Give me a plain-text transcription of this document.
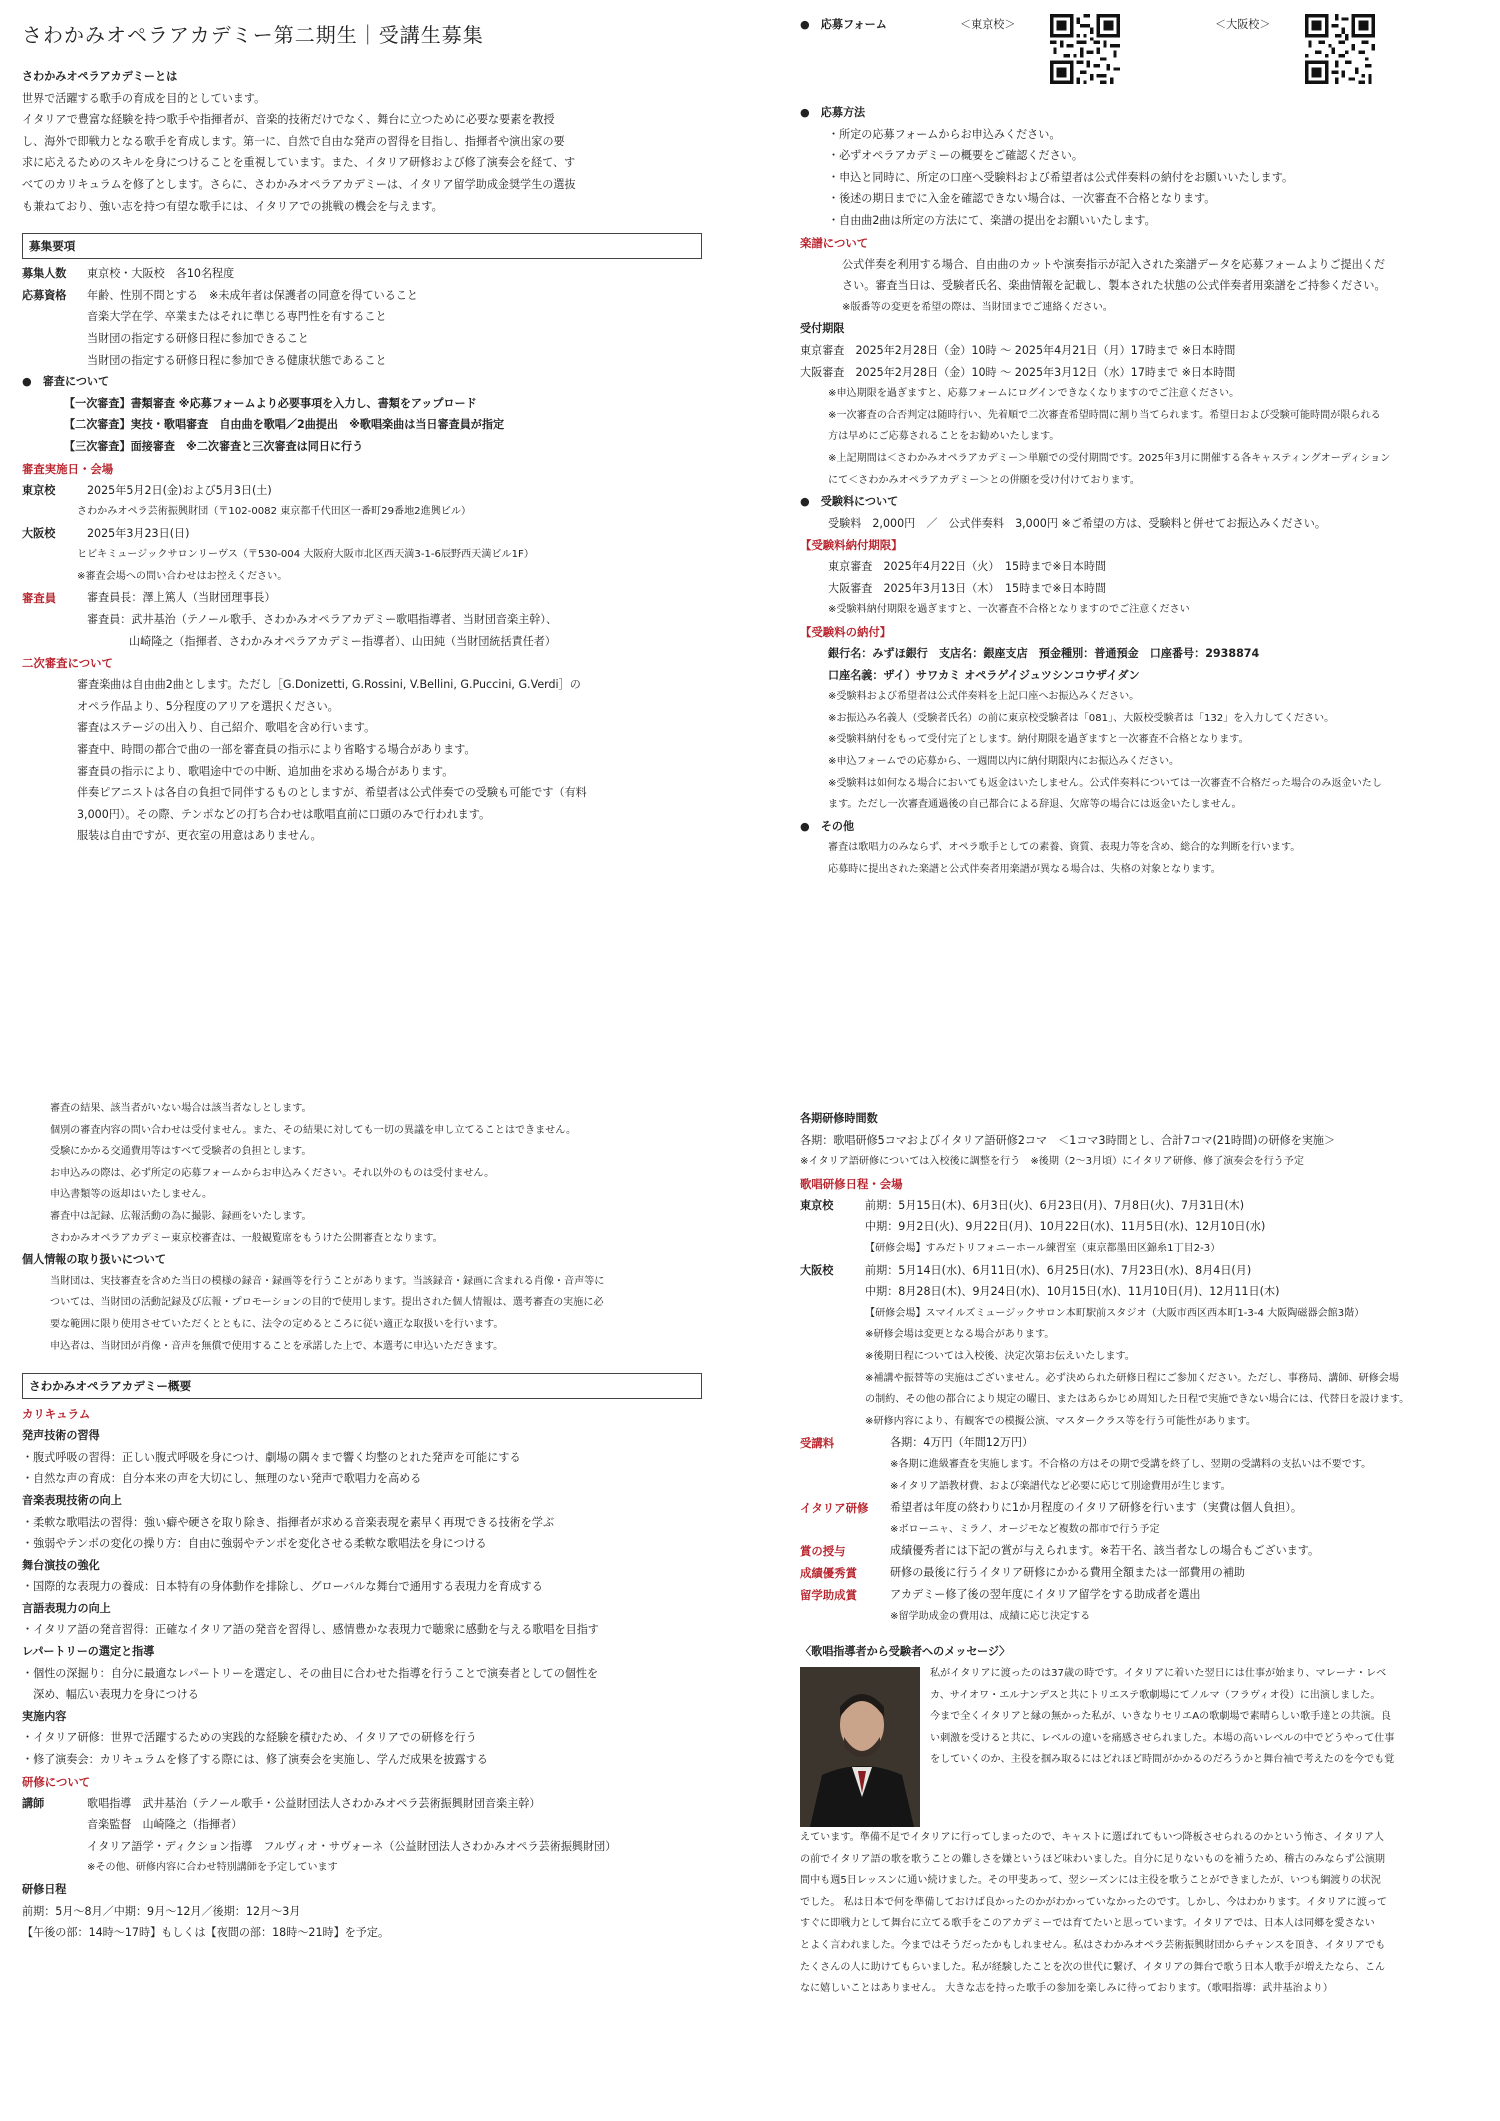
さわかみオペラアカデミー第二期生｜受講生募集

さわかみオペラアカデミーとは

世界で活躍する歌手の育成を目的としています。

イタリアで豊富な経験を持つ歌手や指揮者が、音楽的技術だけでなく、舞台に立つために必要な要素を教授

し、海外で即戦力となる歌手を育成します。第一に、自然で自由な発声の習得を目指し、指揮者や演出家の要

求に応えるためのスキルを身につけることを重視しています。また、イタリア研修および修了演奏会を経て、す

べてのカリキュラムを修了とします。さらに、さわかみオペラアカデミーは、イタリア留学助成金奨学生の選抜

も兼ねており、強い志を持つ有望な歌手には、イタリアでの挑戦の機会を与えます。

募集要項
募集人数	東京校・大阪校　各10名程度
応募資格	年齢、性別不問とする　※未成年者は保護者の同意を得ていること

音楽大学在学、卒業またはそれに準じる専門性を有すること

当財団の指定する研修日程に参加できること

当財団の指定する研修日程に参加できる健康状態であること

●　審査について

【一次審査】書類審査 ※応募フォームより必要事項を入力し、書類をアップロード

【二次審査】実技・歌唱審査　自由曲を歌唱／2曲提出　※歌唱楽曲は当日審査員が指定

【三次審査】面接審査　※二次審査と三次審査は同日に行う

審査実施日・会場

東京校	2025年5月2日(金)および5月3日(土)

さわかみオペラ芸術振興財団（〒102-0082 東京都千代田区一番町29番地2進興ビル）

大阪校	2025年3月23日(日)

ヒビキミュージックサロンリーヴス（〒530-004 大阪府大阪市北区西天満3-1-6辰野西天満ビル1F）

※審査会場への問い合わせはお控えください。

審査員	審査員長：澤上篤人（当財団理事長）

審査員：武井基治（テノール歌手、さわかみオペラアカデミー歌唱指導者、当財団音楽主幹）、

山崎隆之（指揮者、さわかみオペラアカデミー指導者）、山田純（当財団統括責任者）

二次審査について

審査楽曲は自由曲2曲とします。ただし［G.Donizetti, G.Rossini, V.Bellini, G.Puccini, G.Verdi］の

オペラ作品より、5分程度のアリアを選択ください。

審査はステージの出入り、自己紹介、歌唱を含め行います。

審査中、時間の都合で曲の一部を審査員の指示により省略する場合があります。

審査員の指示により、歌唱途中での中断、追加曲を求める場合があります。

伴奏ピアニストは各自の負担で同伴するものとしますが、希望者は公式伴奏での受験も可能です（有料

3,000円）。その際、テンポなどの打ち合わせは歌唱直前に口頭のみで行われます。

服装は自由ですが、更衣室の用意はありません。

●　応募フォーム	＜東京校＞	＜大阪校＞

●　応募方法

・所定の応募フォームからお申込みください。

・必ずオペラアカデミーの概要をご確認ください。

・申込と同時に、所定の口座へ受験料および希望者は公式伴奏料の納付をお願いいたします。

・後述の期日までに入金を確認できない場合は、一次審査不合格となります。

・自由曲2曲は所定の方法にて、楽譜の提出をお願いいたします。

楽譜について

公式伴奏を利用する場合、自由曲のカットや演奏指示が記入された楽譜データを応募フォームよりご提出くだ

さい。審査当日は、受験者氏名、楽曲情報を記載し、製本された状態の公式伴奏者用楽譜をご持参ください。

※版番等の変更を希望の際は、当財団までご連絡ください。

受付期限

東京審査　2025年2月28日（金）10時 ～ 2025年4月21日（月）17時まで ※日本時間

大阪審査　2025年2月28日（金）10時 ～ 2025年3月12日（水）17時まで ※日本時間

※申込期限を過ぎますと、応募フォームにログインできなくなりますのでご注意ください。

※一次審査の合否判定は随時行い、先着順で二次審査希望時間に割り当てられます。希望日および受験可能時間が限られる

方は早めにご応募されることをお勧めいたします。

※上記期間は＜さわかみオペラアカデミー＞単願での受付期間です。2025年3月に開催する各キャスティングオーディション

にて＜さわかみオペラアカデミー＞との併願を受け付けております。

●　受験料について

受験料　2,000円　／　公式伴奏料　3,000円 ※ご希望の方は、受験料と併せてお振込みください。

【受験料納付期限】

東京審査　2025年4月22日（火）　15時まで※日本時間

大阪審査　2025年3月13日（木）　15時まで※日本時間

※受験料納付期限を過ぎますと、一次審査不合格となりますのでご注意ください

【受験料の納付】

銀行名：みずほ銀行　支店名：銀座支店　預金種別：普通預金　口座番号：2938874

口座名義：ザイ）サワカミ オペラゲイジュツシンコウザイダン

※受験料および希望者は公式伴奏料を上記口座へお振込みください。

※お振込み名義人（受験者氏名）の前に東京校受験者は「081」、大阪校受験者は「132」を入力してください。

※受験料納付をもって受付完了とします。納付期限を過ぎますと一次審査不合格となります。

※申込フォームでの応募から、一週間以内に納付期限内にお振込みください。

※受験料は如何なる場合においても返金はいたしません。公式伴奏料については一次審査不合格だった場合のみ返金いたし

ます。ただし一次審査通過後の自己都合による辞退、欠席等の場合には返金いたしません。

●　その他

審査は歌唱力のみならず、オペラ歌手としての素養、資質、表現力等を含め、総合的な判断を行います。

応募時に提出された楽譜と公式伴奏者用楽譜が異なる場合は、失格の対象となります。

審査の結果、該当者がいない場合は該当者なしとします。

個別の審査内容の問い合わせは受付ません。また、その結果に対しても一切の異議を申し立てることはできません。

受験にかかる交通費用等はすべて受験者の負担とします。

お申込みの際は、必ず所定の応募フォームからお申込みください。それ以外のものは受付ません。

申込書類等の返却はいたしません。

審査中は記録、広報活動の為に撮影、録画をいたします。

さわかみオペラアカデミー東京校審査は、一般観覧席をもうけた公開審査となります。

個人情報の取り扱いについて

当財団は、実技審査を含めた当日の模様の録音・録画等を行うことがあります。当該録音・録画に含まれる肖像・音声等に

ついては、当財団の活動記録及び広報・プロモーションの目的で使用します。提出された個人情報は、選考審査の実施に必

要な範囲に限り使用させていただくとともに、法令の定めるところに従い適正な取扱いを行います。

申込者は、当財団が肖像・音声を無償で使用することを承諾した上で、本選考に申込いただきます。

さわかみオペラアカデミー概要

カリキュラム

発声技術の習得

・腹式呼吸の習得：正しい腹式呼吸を身につけ、劇場の隅々まで響く均整のとれた発声を可能にする

・自然な声の育成：自分本来の声を大切にし、無理のない発声で歌唱力を高める

音楽表現技術の向上

・柔軟な歌唱法の習得：強い癖や硬さを取り除き、指揮者が求める音楽表現を素早く再現できる技術を学ぶ

・強弱やテンポの変化の操り方：自由に強弱やテンポを変化させる柔軟な歌唱法を身につける

舞台演技の強化

・国際的な表現力の養成：日本特有の身体動作を排除し、グローバルな舞台で通用する表現力を育成する

言語表現力の向上

・イタリア語の発音習得：正確なイタリア語の発音を習得し、感情豊かな表現力で聴衆に感動を与える歌唱を目指す

レパートリーの選定と指導

・個性の深掘り：自分に最適なレパートリーを選定し、その曲目に合わせた指導を行うことで演奏者としての個性を

　深め、幅広い表現力を身につける

実施内容

・イタリア研修：世界で活躍するための実践的な経験を積むため、イタリアでの研修を行う

・修了演奏会：カリキュラムを修了する際には、修了演奏会を実施し、学んだ成果を披露する

研修について

講師	歌唱指導　武井基治（テノール歌手・公益財団法人さわかみオペラ芸術振興財団音楽主幹）

音楽監督　山崎隆之（指揮者）

イタリア語学・ディクション指導　フルヴィオ・サヴォーネ（公益財団法人さわかみオペラ芸術振興財団）

※その他、研修内容に合わせ特別講師を予定しています

研修日程

前期：5月～8月／中期：9月～12月／後期：12月～3月

【午後の部：14時～17時】もしくは【夜間の部：18時～21時】を予定。

各期研修時間数

各期：歌唱研修5コマおよびイタリア語研修2コマ　＜1コマ3時間とし、合計7コマ(21時間)の研修を実施＞

※イタリア語研修については入校後に調整を行う　※後期（2～3月頃）にイタリア研修、修了演奏会を行う予定

歌唱研修日程・会場

東京校	前期：5月15日(木)、6月3日(火)、6月23日(月)、7月8日(火)、7月31日(木)

中期：9月2日(火)、9月22日(月)、10月22日(水)、11月5日(水)、12月10日(水)

【研修会場】すみだトリフォニーホール練習室（東京都墨田区錦糸1丁目2-3）

大阪校	前期：5月14日(水)、6月11日(水)、6月25日(水)、7月23日(水)、8月4日(月)

中期：8月28日(木)、9月24日(水)、10月15日(水)、11月10日(月)、12月11日(木)

【研修会場】スマイルズミュージックサロン本町駅前スタジオ（大阪市西区西本町1-3-4 大阪陶磁器会館3階）

※研修会場は変更となる場合があります。

※後期日程については入校後、決定次第お伝えいたします。

※補講や振替等の実施はございません。必ず決められた研修日程にご参加ください。ただし、事務局、講師、研修会場

の制約、その他の都合により規定の曜日、またはあらかじめ周知した日程で実施できない場合には、代替日を設けます。

※研修内容により、有観客での模擬公演、マスタークラス等を行う可能性があります。

受講料	各期：4万円（年間12万円）

※各期に進級審査を実施します。不合格の方はその期で受講を終了し、翌期の受講料の支払いは不要です。

※イタリア語教材費、および楽譜代など必要に応じて別途費用が生じます。

イタリア研修	希望者は年度の終わりに1か月程度のイタリア研修を行います（実費は個人負担）。

※ボローニャ、ミラノ、オージモなど複数の都市で行う予定

賞の授与	成績優秀者には下記の賞が与えられます。※若干名、該当者なしの場合もございます。

成績優秀賞	研修の最後に行うイタリア研修にかかる費用全額または一部費用の補助

留学助成賞	アカデミー修了後の翌年度にイタリア留学をする助成者を選出

※留学助成金の費用は、成績に応じ決定する

〈歌唱指導者から受験者へのメッセージ〉

私がイタリアに渡ったのは37歳の時です。イタリアに着いた翌日には仕事が始まり、マレーナ・レベ

カ、サイオワ・エルナンデスと共にトリエステ歌劇場にてノルマ（フラヴィオ役）に出演しました。

今まで全くイタリアと縁の無かった私が、いきなりセリエAの歌劇場で素晴らしい歌手達との共演。良

い刺激を受けると共に、レベルの違いを痛感させられました。本場の高いレベルの中でどうやって仕事

をしていくのか、主役を掴み取るにはどれほど時間がかかるのだろうかと舞台袖で考えたのを今でも覚

えています。準備不足でイタリアに行ってしまったので、キャストに選ばれてもいつ降板させられるのかという怖さ、イタリア人

の前でイタリア語の歌を歌うことの難しさを嫌というほど味わいました。自分に足りないものを補うため、稽古のみならず公演期

間中も週5日レッスンに通い続けました。その甲斐あって、翌シーズンには主役を歌うことができましたが、いつも綱渡りの状況

でした。 私は日本で何を準備しておけば良かったのかがわかっていなかったのです。しかし、今はわかります。イタリアに渡って

すぐに即戦力として舞台に立てる歌手をこのアカデミーでは育てたいと思っています。イタリアでは、日本人は同郷を愛さない

とよく言われました。今まではそうだったかもしれません。私はさわかみオペラ芸術振興財団からチャンスを頂き、イタリアでも

たくさんの人に助けてもらいました。私が経験したことを次の世代に繋げ、イタリアの舞台で歌う日本人歌手が増えたなら、こん

なに嬉しいことはありません。 大きな志を持った歌手の参加を楽しみに待っております。（歌唱指導：武井基治より）
